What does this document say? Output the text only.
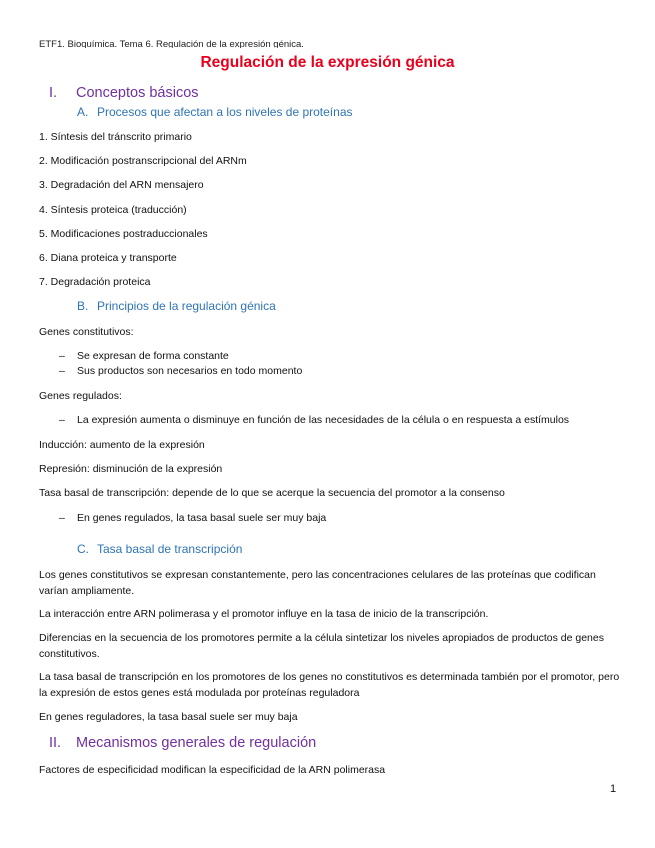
ETF1. Bioquímica. Tema 6. Regulación de la expresión génica.
Regulación de la expresión génica
I. Conceptos básicos
A. Procesos que afectan a los niveles de proteínas
1. Síntesis del tránscrito primario
2. Modificación postranscripcional del ARNm
3. Degradación del ARN mensajero
4. Síntesis proteica (traducción)
5. Modificaciones postraduccionales
6. Diana proteica y transporte
7. Degradación proteica
B. Principios de la regulación génica
Genes constitutivos:
– Se expresan de forma constante
– Sus productos son necesarios en todo momento
Genes regulados:
– La expresión aumenta o disminuye en función de las necesidades de la célula o en respuesta a estímulos
Inducción: aumento de la expresión
Represión: disminución de la expresión
Tasa basal de transcripción: depende de lo que se acerque la secuencia del promotor a la consenso
– En genes regulados, la tasa basal suele ser muy baja
C. Tasa basal de transcripción
Los genes constitutivos se expresan constantemente, pero las concentraciones celulares de las proteínas que codifican varían ampliamente.
La interacción entre ARN polimerasa y el promotor influye en la tasa de inicio de la transcripción.
Diferencias en la secuencia de los promotores permite a la célula sintetizar los niveles apropiados de productos de genes constitutivos.
La tasa basal de transcripción en los promotores de los genes no constitutivos es determinada también por el promotor, pero la expresión de estos genes está modulada por proteínas reguladora
En genes reguladores, la tasa basal suele ser muy baja
II. Mecanismos generales de regulación
Factores de especificidad modifican la especificidad de la ARN polimerasa
1
